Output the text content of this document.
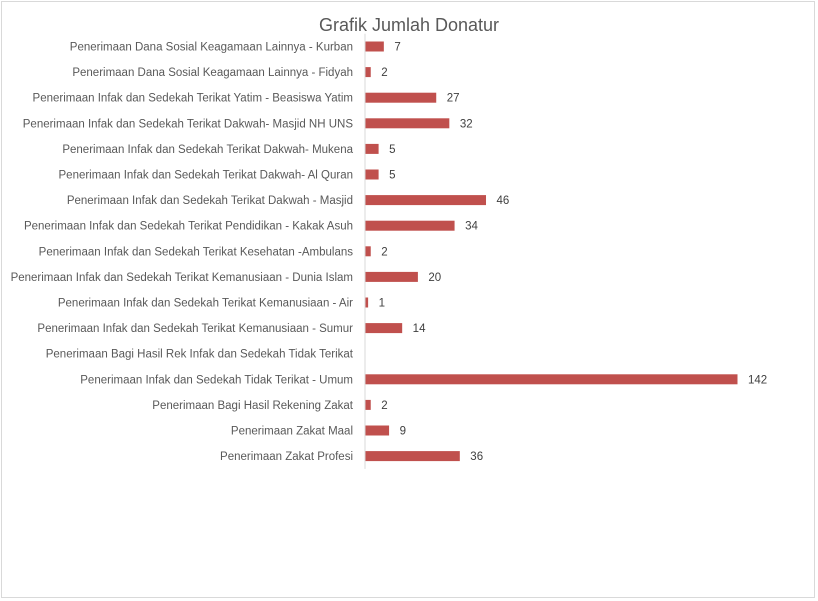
Grafik Jumlah Donatur
Penerimaan Dana Sosial Keagamaan Lainnya - Kurban
Penerimaan Dana Sosial Keagamaan Lainnya - Fidyah
Penerimaan Infak dan Sedekah Terikat Yatim - Beasiswa Yatim
Penerimaan Infak dan Sedekah Terikat Dakwah- Masjid NH UNS
Penerimaan Infak dan Sedekah Terikat Dakwah- Mukena
Penerimaan Infak dan Sedekah Terikat Dakwah- Al Quran
Penerimaan Infak dan Sedekah Terikat Dakwah - Masjid
Penerimaan Infak dan Sedekah Terikat Pendidikan - Kakak Asuh
Penerimaan Infak dan Sedekah Terikat Kesehatan -Ambulans
Penerimaan Infak dan Sedekah Terikat Kemanusiaan - Dunia Islam
Penerimaan Infak dan Sedekah Terikat Kemanusiaan - Air
Penerimaan Infak dan Sedekah Terikat Kemanusiaan - Sumur
Penerimaan Bagi Hasil Rek Infak dan Sedekah Tidak Terikat
Penerimaan Infak dan Sedekah Tidak Terikat - Umum
Penerimaan Bagi Hasil Rekening Zakat
Penerimaan Zakat Maal
Penerimaan Zakat Profesi
7
2
27
32
5
5
46
34
2
20
1
14
142
2
9
36
